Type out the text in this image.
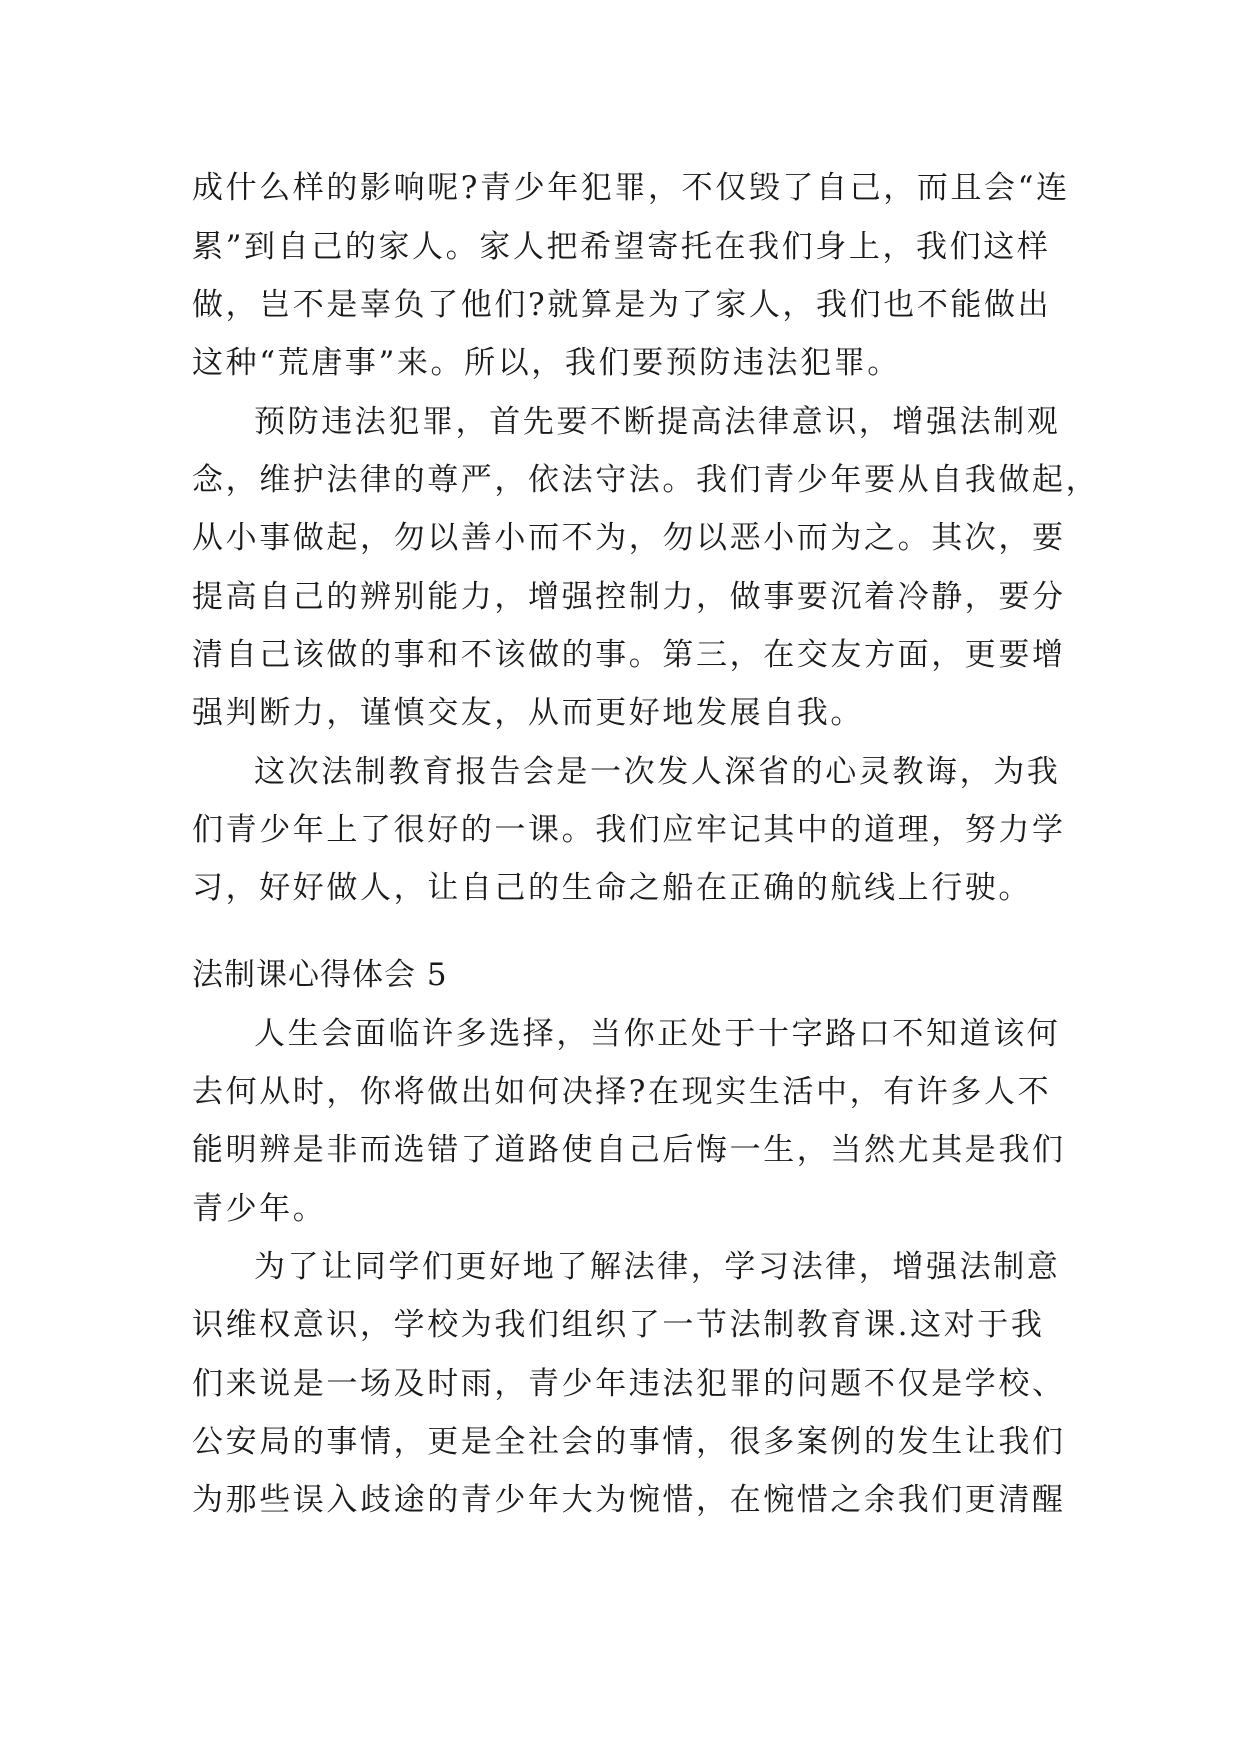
成什么样的影响呢?青少年犯罪，不仅毁了自己，而且会“连
累”到自己的家人。家人把希望寄托在我们身上，我们这样
做，岂不是辜负了他们?就算是为了家人，我们也不能做出
这种“荒唐事”来。所以，我们要预防违法犯罪。
预防违法犯罪，首先要不断提高法律意识，增强法制观
念，维护法律的尊严，依法守法。我们青少年要从自我做起，
从小事做起，勿以善小而不为，勿以恶小而为之。其次，要
提高自己的辨别能力，增强控制力，做事要沉着冷静，要分
清自己该做的事和不该做的事。第三，在交友方面，更要增
强判断力，谨慎交友，从而更好地发展自我。
这次法制教育报告会是一次发人深省的心灵教诲，为我
们青少年上了很好的一课。我们应牢记其中的道理，努力学
习，好好做人，让自己的生命之船在正确的航线上行驶。
法制课心得体会 5
人生会面临许多选择，当你正处于十字路口不知道该何
去何从时，你将做出如何决择?在现实生活中，有许多人不
能明辨是非而选错了道路使自己后悔一生，当然尤其是我们
青少年。
为了让同学们更好地了解法律，学习法律，增强法制意
识维权意识，学校为我们组织了一节法制教育课.这对于我
们来说是一场及时雨，青少年违法犯罪的问题不仅是学校、
公安局的事情，更是全社会的事情，很多案例的发生让我们
为那些误入歧途的青少年大为惋惜，在惋惜之余我们更清醒
